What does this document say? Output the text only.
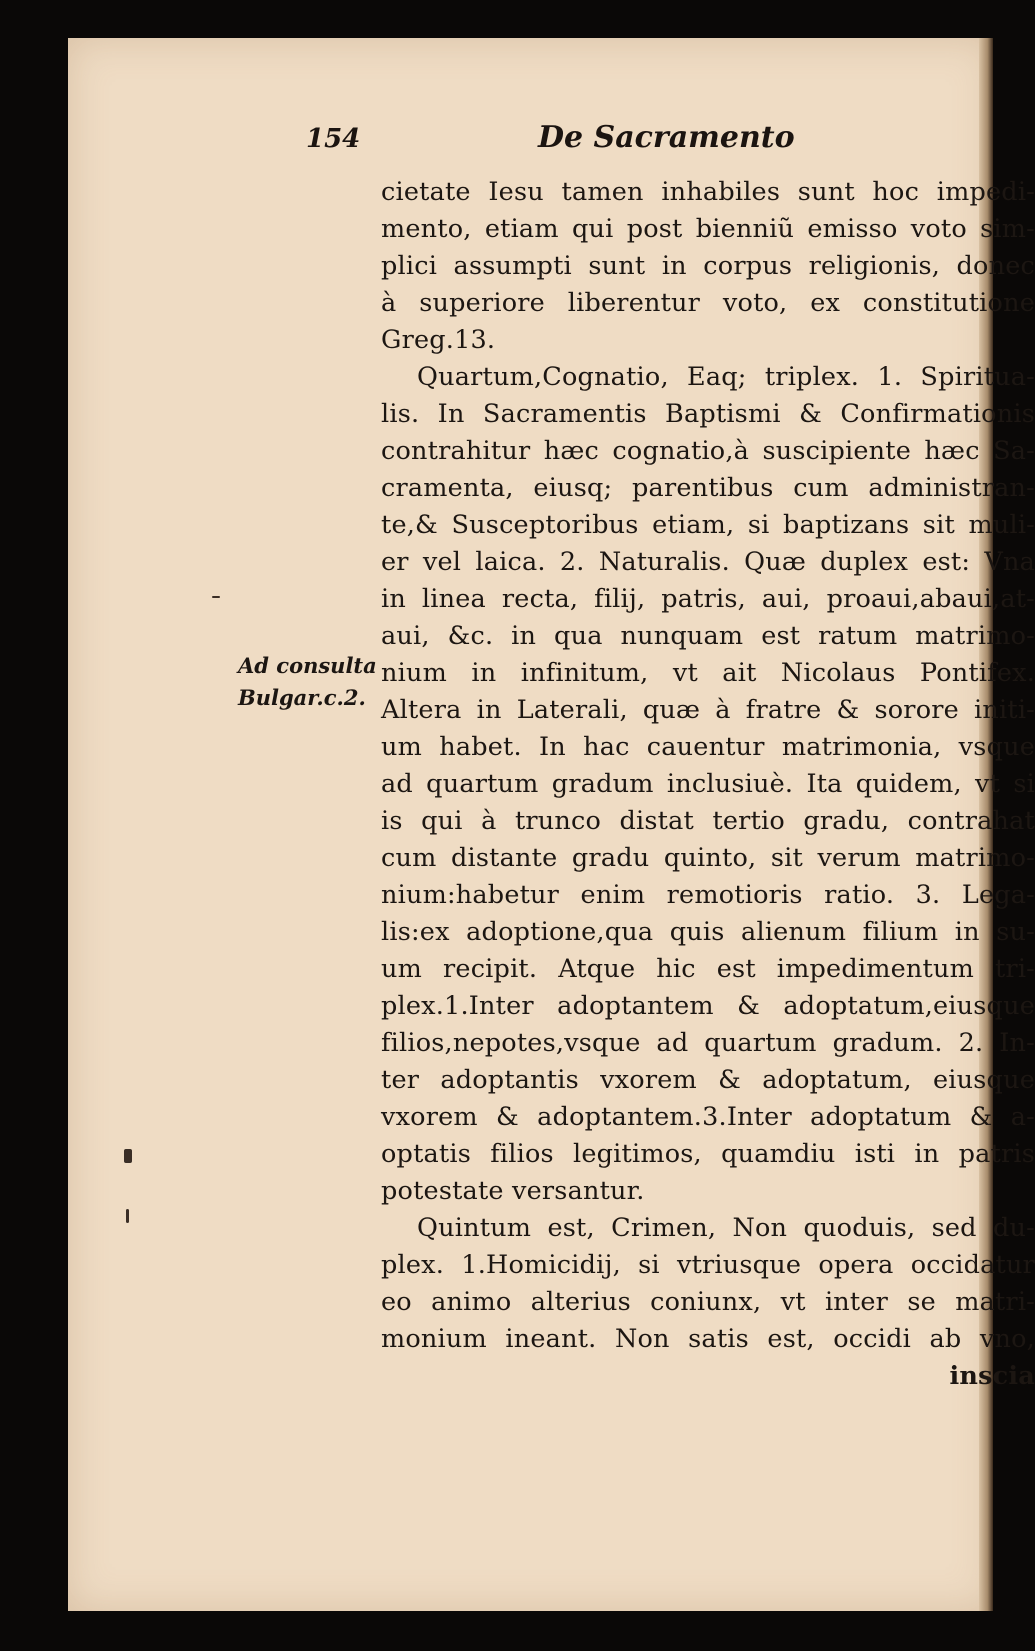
154	De Sacramento
Ad consulta
Bulgar.c.2.
cietate Iesu tamen inhabiles sunt hoc impedi-
mento, etiam qui post bienniũ emisso voto sim-
plici assumpti sunt in corpus religionis, donec
à superiore liberentur voto, ex constitutione
Greg.13.
Quartum,Cognatio, Eaq; triplex. 1. Spiritua-
lis. In Sacramentis Baptismi & Confirmationis
contrahitur hæc cognatio,à suscipiente hæc Sa-
cramenta, eiusq; parentibus cum administran-
te,& Susceptoribus etiam, si baptizans sit muli-
er vel laica. 2. Naturalis. Quæ duplex est: Vna
in linea recta, filij, patris, aui, proaui,abaui,at-
aui, &c. in qua nunquam est ratum matrimo-
nium in infinitum, vt ait Nicolaus Pontifex.
Altera in Laterali, quæ à fratre & sorore initi-
um habet. In hac cauentur matrimonia, vsque
ad quartum gradum inclusiuè. Ita quidem, vt si
is qui à trunco distat tertio gradu, contrahat
cum distante gradu quinto, sit verum matrimo-
nium:habetur enim remotioris ratio. 3. Lega-
lis:ex adoptione,qua quis alienum filium in su-
um recipit. Atque hic est impedimentum tri-
plex.1.Inter adoptantem & adoptatum,eiusque
filios,nepotes,vsque ad quartum gradum. 2. In-
ter adoptantis vxorem & adoptatum, eiusque
vxorem & adoptantem.3.Inter adoptatum & a-
optatis filios legitimos, quamdiu isti in patris
potestate versantur.
Quintum est, Crimen, Non quoduis, sed du-
plex. 1.Homicidij, si vtriusque opera occidatur
eo animo alterius coniunx, vt inter se matri-
monium ineant. Non satis est, occidi ab vno,
inscia
